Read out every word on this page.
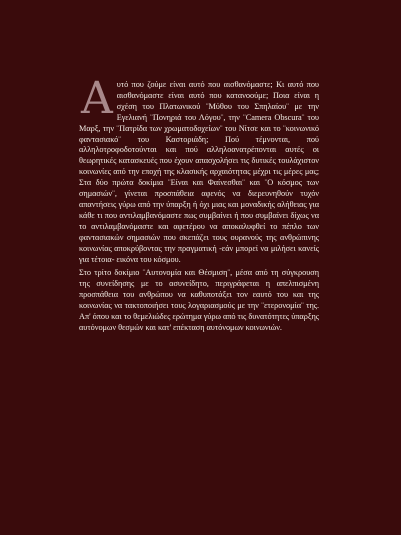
Αυτό που ζούμε είναι αυτό που αισθανόμαστε; Κι αυτό που αισθανόμαστε είναι αυτό που κατανοούμε; Ποια είναι η σχέση του Πλατωνικού ¨Μύθου του Σπηλαίου¨ με την Εγελιανή ¨Πονηριά του Λόγου¨, την ¨Camera Obscura¨ του Μαρξ, την ¨Πατρίδα των χρωματοδοχείων¨ του Νίτσε και το ¨κοινωνικό φαντασιακό¨ του Καστοριάδη; Πού τέμνονται, πού αλληλοτροφοδοτούνται και πού αλληλοανατρέπονται αυτές οι θεωρητικές κατασκευές που έχουν απασχολήσει τις δυτικές τουλάχιστον κοινωνίες από την εποχή της κλασικής αρχαιότητας μέχρι τις μέρες μας; Στα δύο πρώτα δοκίμια ¨Είναι και Φαίνεσθαι¨ και ¨Ο κόσμος των σημασιών¨, γίνεται προσπάθεια αφενός να διερευνηθούν τυχόν απαντήσεις γύρω από την ύπαρξη ή όχι μιας και μοναδικής αλήθειας για κάθε τι που αντιλαμβανόμαστε πως συμβαίνει ή που συμβαίνει δίχως να το αντιλαμβανόμαστε και αφετέρου να αποκαλυφθεί το πέπλο των φαντασιακών σημασιών που σκεπάζει τους ουρανούς της ανθρώπινης κοινωνίας αποκρύβοντας την πραγματική -εάν μπορεί να μιλήσει κανείς για τέτοια- εικόνα του κόσμου.

Στο τρίτο δοκίμιο ¨Αυτονομία και Θέσμιση¨, μέσα από τη σύγκρουση της συνείδησης με το ασυνείδητο, περιγράφεται η απελπισμένη προσπάθεια του ανθρώπου να καθυποτάξει τον εαυτό του και της κοινωνίας να τακτοποιήσει τους λογαριασμούς με την ¨ετερονομία¨ της. Απ' όπου και το θεμελιώδες ερώτημα γύρω από τις δυνατότητες ύπαρξης αυτόνομων θεσμών και κατ' επέκταση αυτόνομων κοινωνιών.
